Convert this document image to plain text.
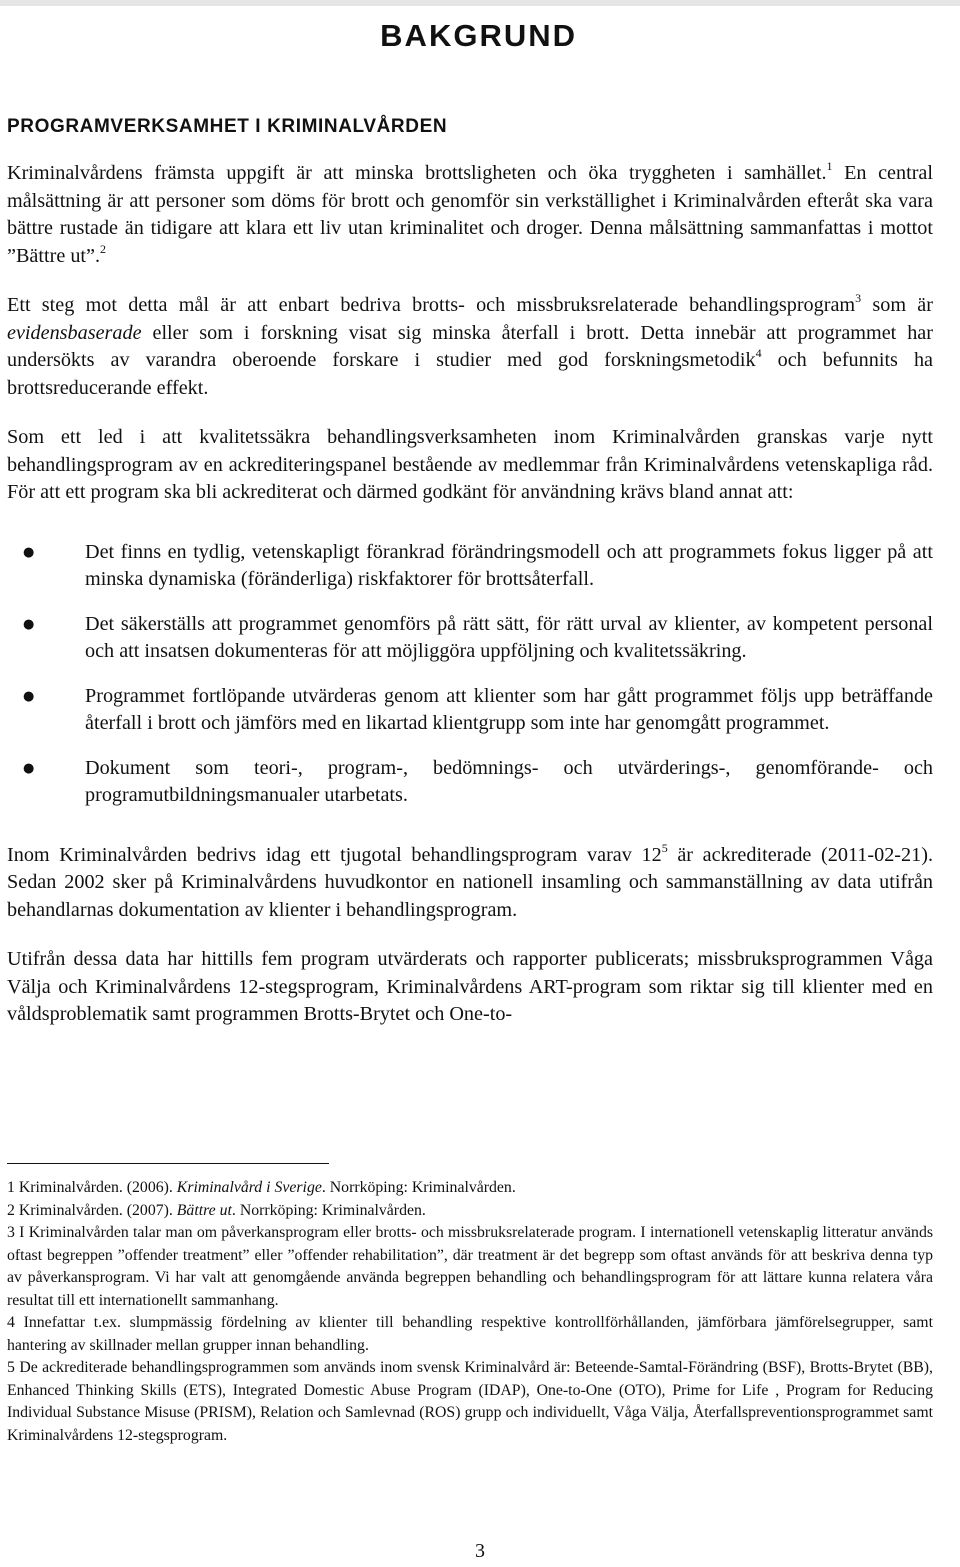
BAKGRUND
PROGRAMVERKSAMHET I KRIMINALVÅRDEN

Kriminalvårdens främsta uppgift är att minska brottsligheten och öka tryggheten i samhället.$^1$ En central målsättning är att personer som döms för brott och genomför sin verkställighet i Kriminalvården efteråt ska vara bättre rustade än tidigare att klara ett liv utan kriminalitet och droger. Denna målsättning sammanfattas i mottot ”Bättre ut”.$^2$

Ett steg mot detta mål är att enbart bedriva brotts- och missbruksrelaterade behandlingsprogram$^3$ som är evidensbaserade eller som i forskning visat sig minska återfall i brott. Detta innebär att programmet har undersökts av varandra oberoende forskare i studier med god forskningsmetodik$^4$ och befunnits ha brottsreducerande effekt.

Som ett led i att kvalitetssäkra behandlingsverksamheten inom Kriminalvården granskas varje nytt behandlingsprogram av en ackrediteringspanel bestående av medlemmar från Kriminalvårdens vetenskapliga råd. För att ett program ska bli ackrediterat och därmed godkänt för användning krävs bland annat att:

● Det finns en tydlig, vetenskapligt förankrad förändringsmodell och att programmets fokus ligger på att minska dynamiska (föränderliga) riskfaktorer för brottsåterfall.
● Det säkerställs att programmet genomförs på rätt sätt, för rätt urval av klienter, av kompetent personal och att insatsen dokumenteras för att möjliggöra uppföljning och kvalitetssäkring.
● Programmet fortlöpande utvärderas genom att klienter som har gått programmet följs upp beträffande återfall i brott och jämförs med en likartad klientgrupp som inte har genomgått programmet.
● Dokument som teori-, program-, bedömnings- och utvärderings-, genomförande- och programutbildningsmanualer utarbetats.

Inom Kriminalvården bedrivs idag ett tjugotal behandlingsprogram varav $12^5$ är ackrediterade (2011-02-21). Sedan 2002 sker på Kriminalvårdens huvudkontor en nationell insamling och sammanställning av data utifrån behandlarnas dokumentation av klienter i behandlingsprogram.

Utifrån dessa data har hittills fem program utvärderats och rapporter publicerats; missbruksprogrammen Våga Välja och Kriminalvårdens 12-stegsprogram, Kriminalvårdens ART-program som riktar sig till klienter med en våldsproblematik samt programmen Brotts-Brytet och One-to-

1 Kriminalvården. (2006). Kriminalvård i Sverige. Norrköping: Kriminalvården.

2 Kriminalvården. (2007). Bättre ut. Norrköping: Kriminalvården.

3 I Kriminalvården talar man om påverkansprogram eller brotts- och missbruksrelaterade program. I internationell vetenskaplig litteratur används oftast begreppen ”offender treatment” eller ”offender rehabilitation”, där treatment är det begrepp som oftast används för att beskriva denna typ av påverkansprogram. Vi har valt att genomgående använda begreppen behandling och behandlingsprogram för att lättare kunna relatera våra resultat till ett internationellt sammanhang.

4 Innefattar t.ex. slumpmässig fördelning av klienter till behandling respektive kontrollförhållanden, jämförbara jämförelsegrupper, samt hantering av skillnader mellan grupper innan behandling.

5 De ackrediterade behandlingsprogrammen som används inom svensk Kriminalvård är: Beteende-Samtal-Förändring (BSF), Brotts-Brytet (BB), Enhanced Thinking Skills (ETS), Integrated Domestic Abuse Program (IDAP), One-to-One (OTO), Prime for Life , Program for Reducing Individual Substance Misuse (PRISM), Relation och Samlevnad (ROS) grupp och individuellt, Våga Välja, Återfallspreventionsprogrammet samt Kriminalvårdens 12-stegsprogram.

3
